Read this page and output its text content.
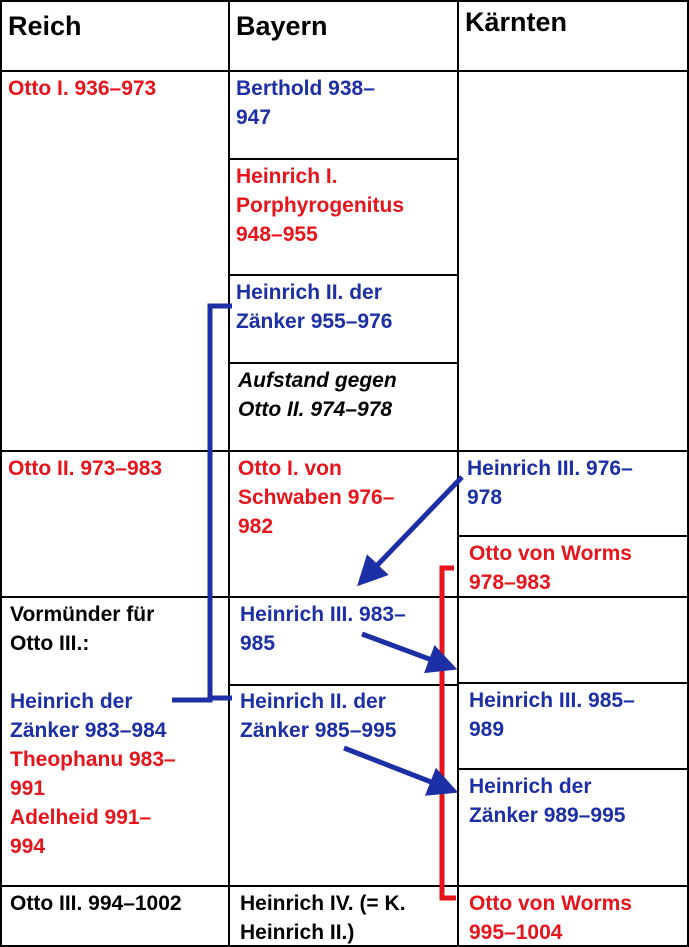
Reich	Bayern	Kärnten
Otto I. 936–973
Otto II. 973–983
Vormünder für
Otto III.:
Heinrich der
Zänker 983–984
Theophanu 983–
991
Adelheid 991–
994
Otto III. 994–1002
Berthold 938–
947
Heinrich I.
Porphyrogenitus
948–955
Heinrich II. der
Zänker 955–976
Aufstand gegen
Otto II. 974–978
Otto I. von
Schwaben 976–
982
Heinrich III. 983–
985
Heinrich II. der
Zänker 985–995
Heinrich IV. (= K.
Heinrich II.)
Heinrich III. 976–
978
Otto von Worms
978–983
Heinrich III. 985–
989
Heinrich der
Zänker 989–995
Otto von Worms
995–1004
